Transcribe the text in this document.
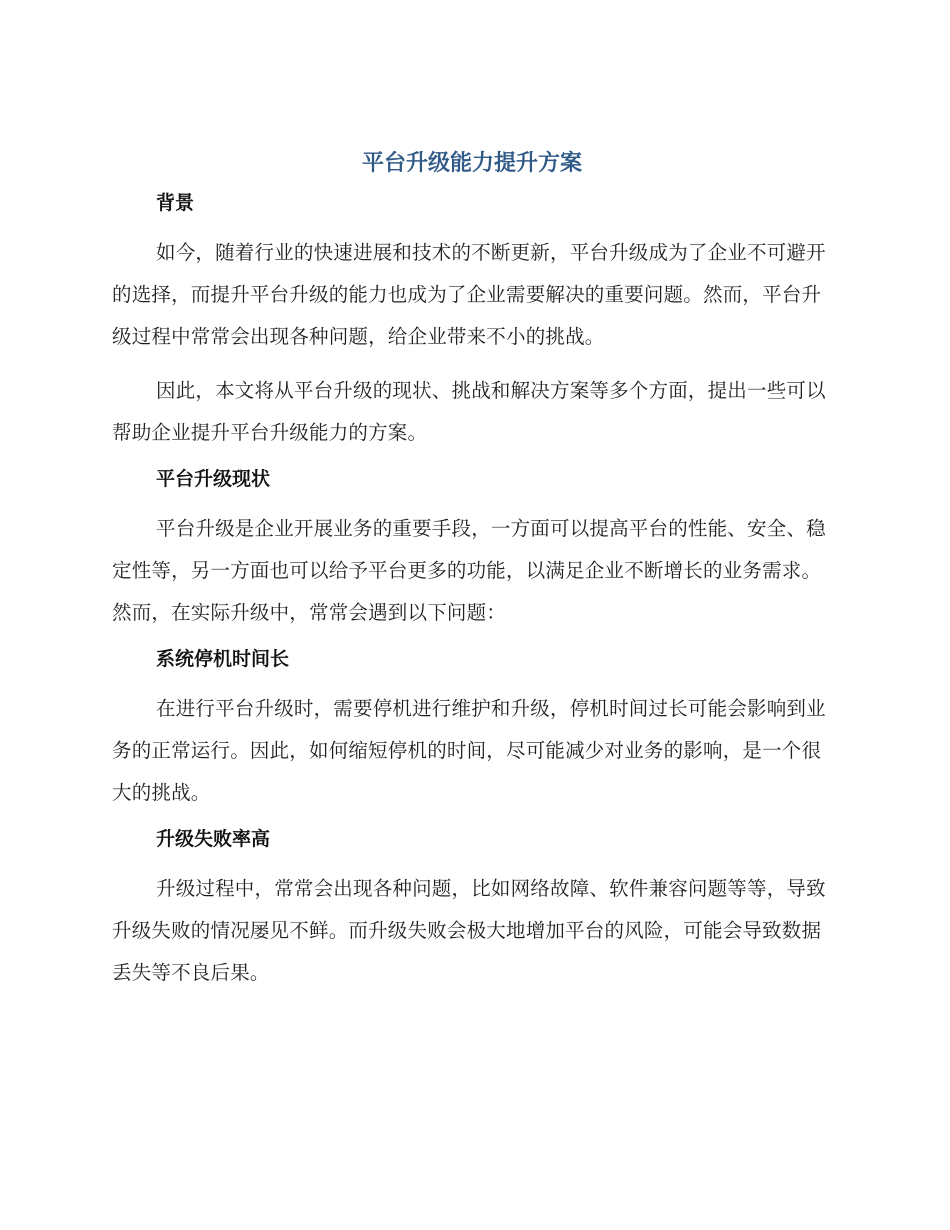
平台升级能力提升方案
背景

如今，随着行业的快速进展和技术的不断更新，平台升级成为了企业不可避开的选择，而提升平台升级的能力也成为了企业需要解决的重要问题。然而，平台升级过程中常常会出现各种问题，给企业带来不小的挑战。

因此，本文将从平台升级的现状、挑战和解决方案等多个方面，提出一些可以帮助企业提升平台升级能力的方案。

平台升级现状

平台升级是企业开展业务的重要手段，一方面可以提高平台的性能、安全、稳定性等，另一方面也可以给予平台更多的功能，以满足企业不断增长的业务需求。然而，在实际升级中，常常会遇到以下问题：

系统停机时间长

在进行平台升级时，需要停机进行维护和升级，停机时间过长可能会影响到业务的正常运行。因此，如何缩短停机的时间，尽可能减少对业务的影响，是一个很大的挑战。

升级失败率高

升级过程中，常常会出现各种问题，比如网络故障、软件兼容问题等等，导致升级失败的情况屡见不鲜。而升级失败会极大地增加平台的风险，可能会导致数据丢失等不良后果。
